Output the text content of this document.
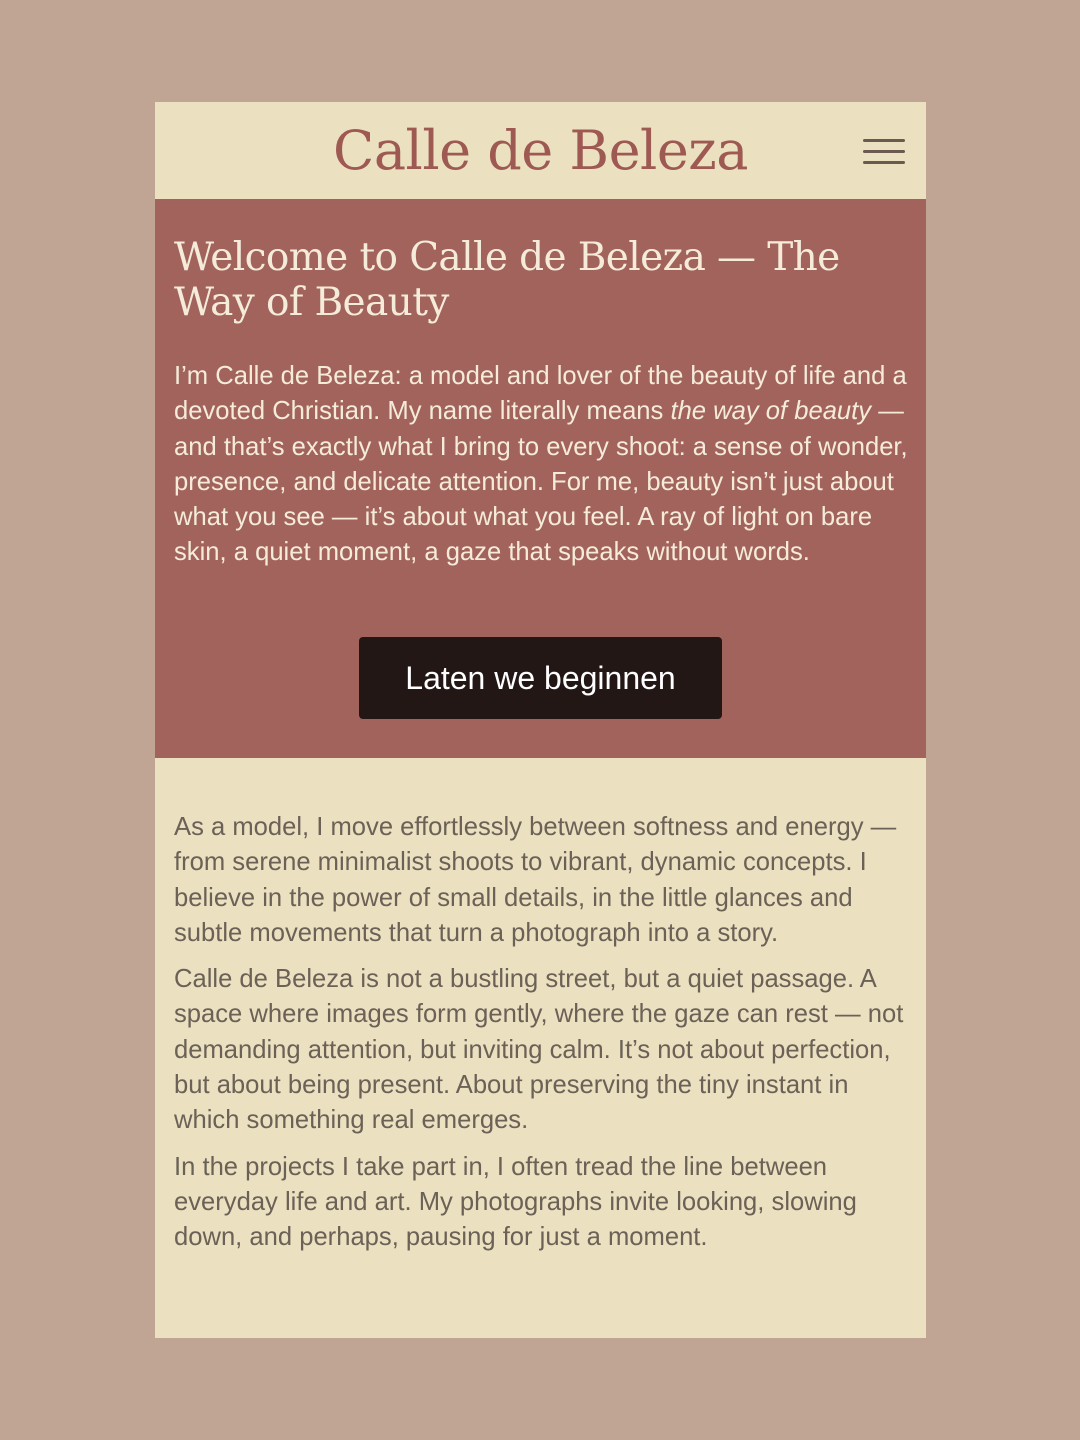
Calle de Beleza
Welcome to Calle de Beleza — The Way of Beauty

I’m Calle de Beleza: a model and lover of the beauty of life and a devoted Christian. My name literally means the way of beauty — and that’s exactly what I bring to every shoot: a sense of wonder, presence, and delicate attention. For me, beauty isn’t just about what you see — it’s about what you feel. A ray of light on bare skin, a quiet moment, a gaze that speaks without words.

Laten we beginnen

As a model, I move effortlessly between softness and energy — from serene minimalist shoots to vibrant, dynamic concepts. I believe in the power of small details, in the little glances and subtle movements that turn a photograph into a story.

Calle de Beleza is not a bustling street, but a quiet passage. A space where images form gently, where the gaze can rest — not demanding attention, but inviting calm. It’s not about perfection, but about being present. About preserving the tiny instant in which something real emerges.

In the projects I take part in, I often tread the line between everyday life and art. My photographs invite looking, slowing down, and perhaps, pausing for just a moment.
